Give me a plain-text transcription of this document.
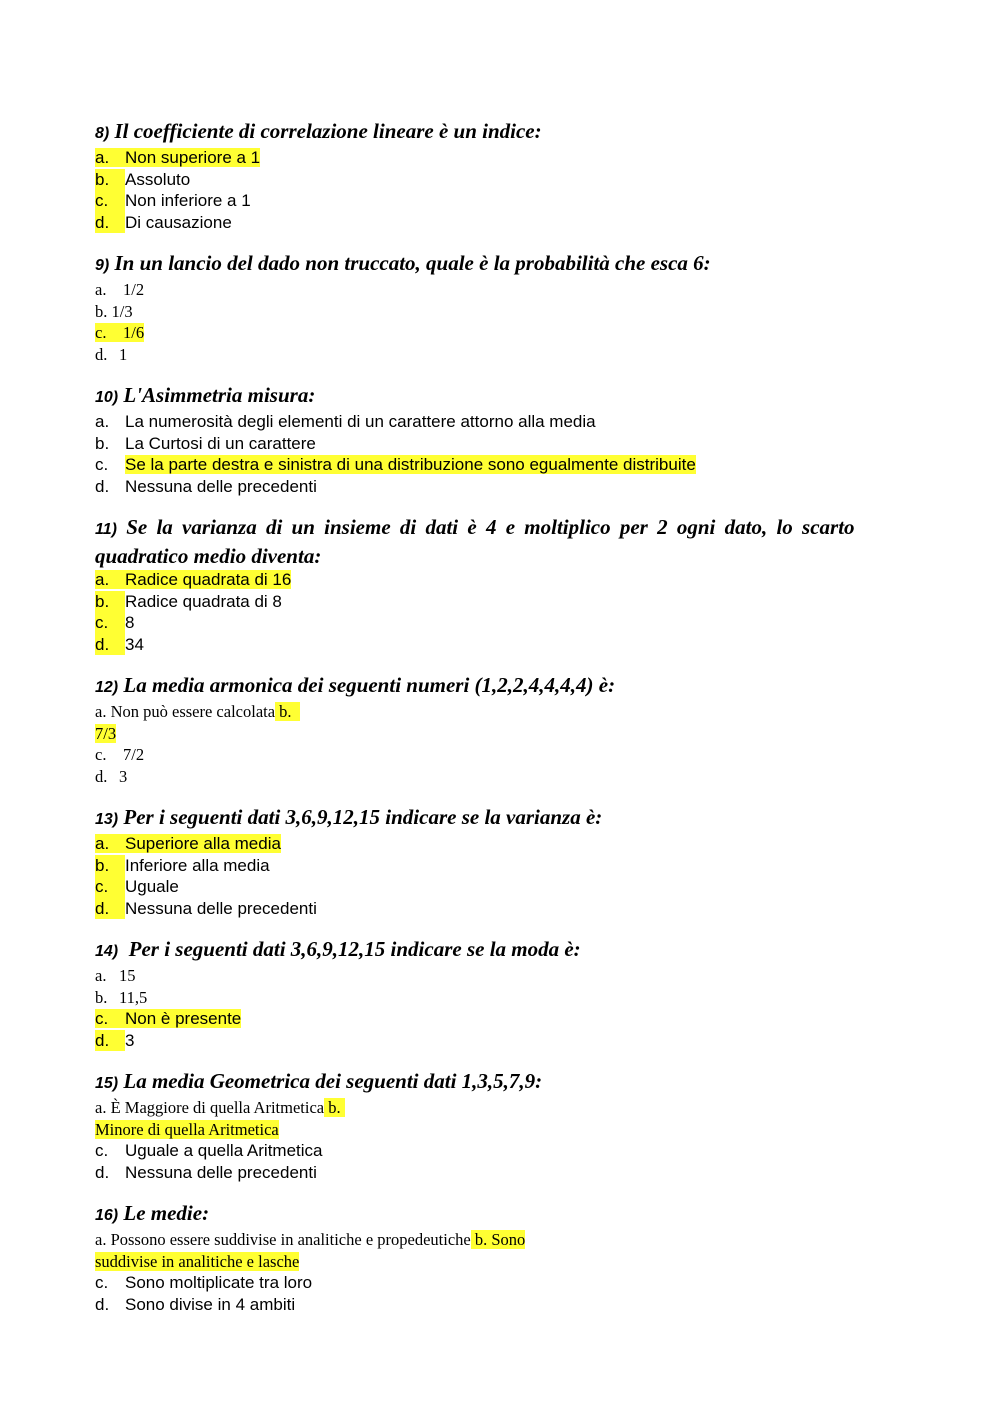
8) Il coefficiente di correlazione lineare è un indice:

a. Non superiore a 1

b. Assoluto

c. Non inferiore a 1

d. Di causazione

9) In un lancio del dado non truccato, quale è la probabilità che esca 6:

a. 1/2

b. 1/3

c. 1/6

d. 1

10) L'Asimmetria misura:

a. La numerosità degli elementi di un carattere attorno alla media

b. La Curtosi di un carattere

c. Se la parte destra e sinistra di una distribuzione sono egualmente distribuite

d. Nessuna delle precedenti

11) Se la varianza di un insieme di dati è 4 e moltiplico per 2 ogni dato, lo scarto

quadratico medio diventa:

a. Radice quadrata di 16

b. Radice quadrata di 8

c. 8

d. 34

12) La media armonica dei seguenti numeri (1,2,2,4,4,4,4) è:

a. Non può essere calcolata b.

7/3

c. 7/2

d. 3

13) Per i seguenti dati 3,6,9,12,15 indicare se la varianza è:

a. Superiore alla media

b. Inferiore alla media

c. Uguale

d. Nessuna delle precedenti

14) Per i seguenti dati 3,6,9,12,15 indicare se la moda è:

a. 15

b. 11,5

c. Non è presente

d. 3

15) La media Geometrica dei seguenti dati 1,3,5,7,9:

a. È Maggiore di quella Aritmetica b.

Minore di quella Aritmetica

c. Uguale a quella Aritmetica

d. Nessuna delle precedenti

16) Le medie:

a. Possono essere suddivise in analitiche e propedeutiche b. Sono

suddivise in analitiche e lasche

c. Sono moltiplicate tra loro

d. Sono divise in 4 ambiti
